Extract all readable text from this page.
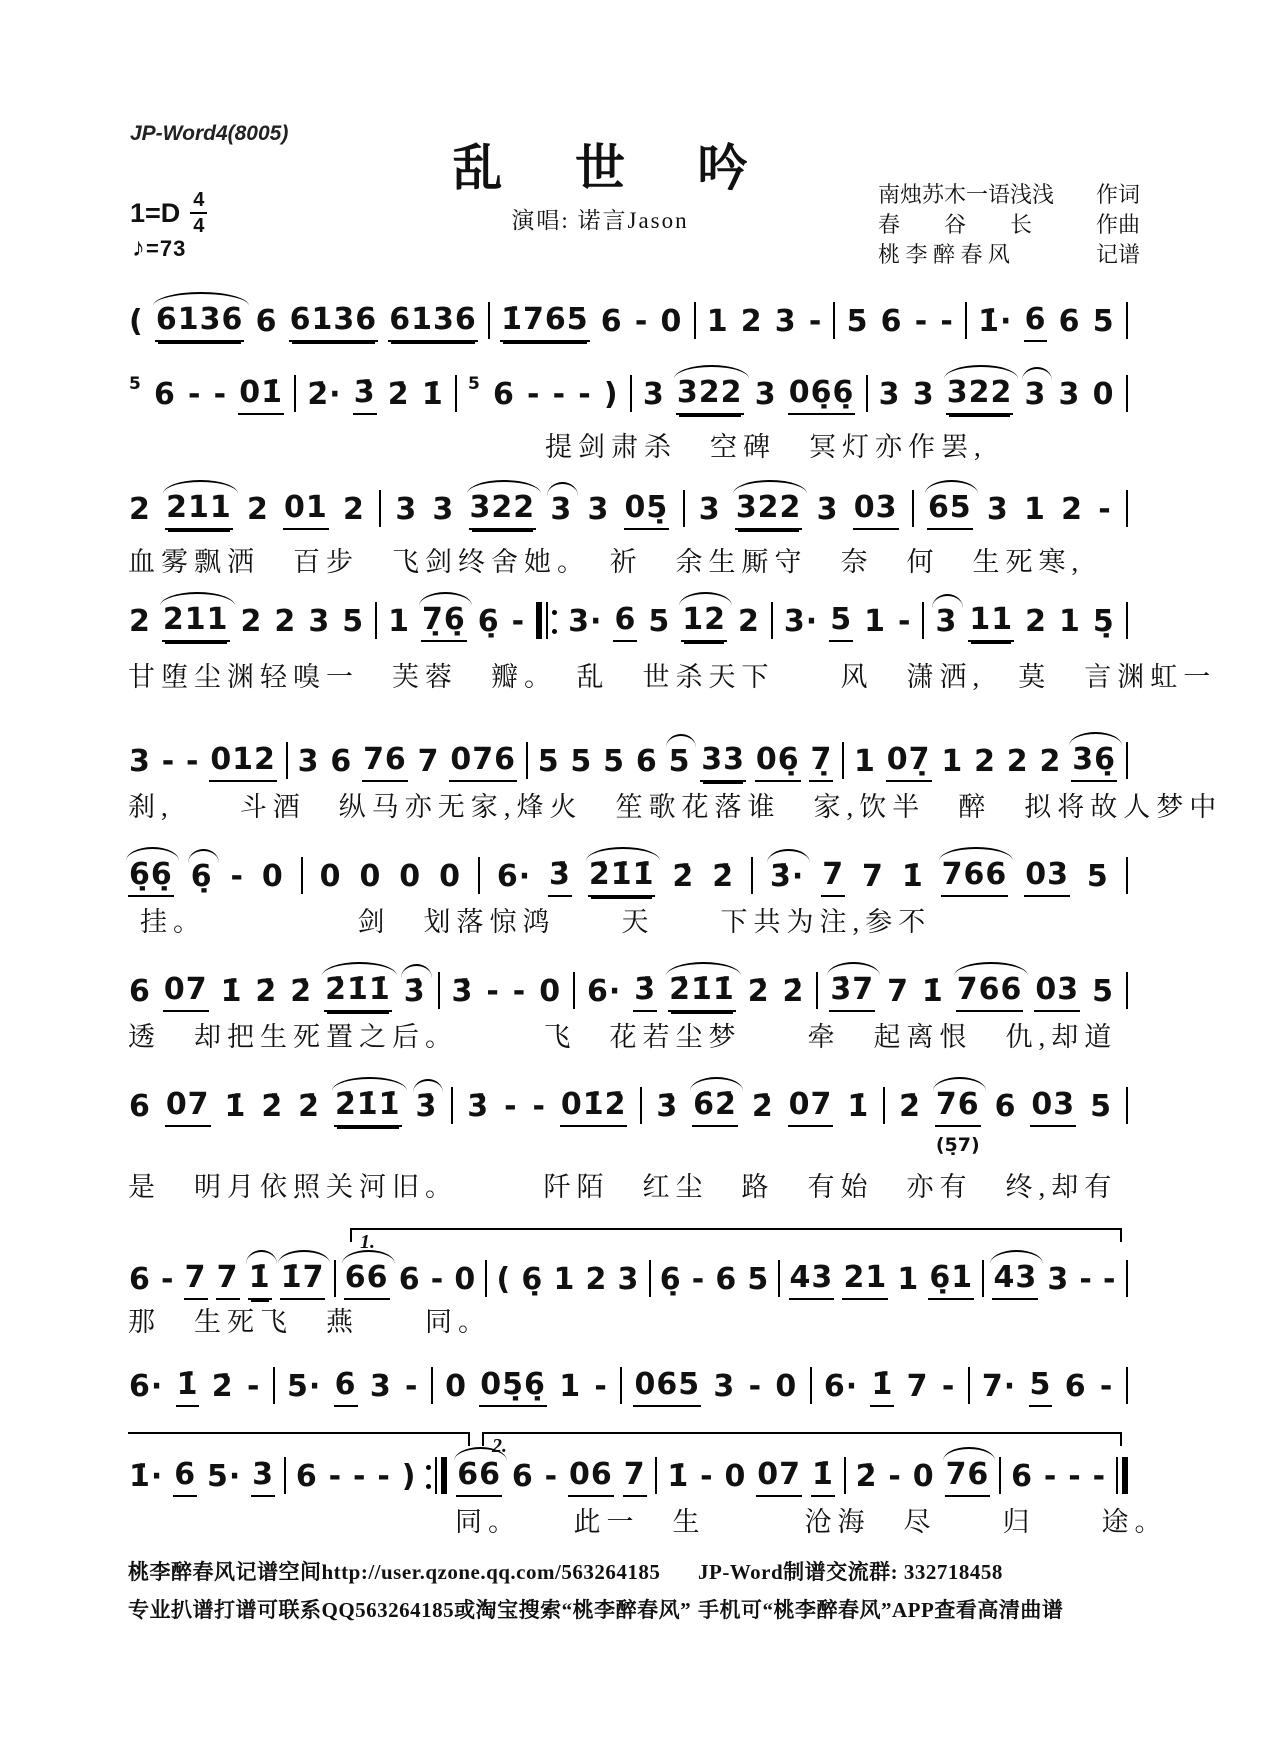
JP-Word4(8005)
乱 世 吟
演唱: 诺言Jason
南烛苏木一语浅浅 作词
春　　谷　　长	作曲
桃 李 醉 春 风	记谱
$1=D \frac{4}{4}$
♪=73
( 6136 6 6136 6136 1̇765 6 - 0 1 2 3 - 5 6 - - 1̇· 6 6 5
5 6 - - 01̇ 2̇· 3̇ 2̇ 1̇ 5 6 - - - ) 3 322 3 06̣6̣ 3 3 322 3 3 0
提剑肃杀　空碑　冥灯亦作罢,
2 211 2 01 2 3 3 322 3 3 05̣ 3 322 3 03 65 3 1 2 -
血雾飘洒　百步　飞剑终舍她。　祈　余生厮守　奈　何　生死寒,
2 211 2 2 3 5 1 7̣6̣ 6̣ - 3· 6 5 12 2 3· 5 1 - 3 11 2 1 5̣
甘堕尘渊轻嗅一　芙蓉　瓣。　乱　世杀天下　　风　潇洒,　莫　言渊虹一
3 - - 012 3 6 76 7 076 5 5 5 6 5 33 06̣ 7̣ 1 07̣ 1 2 2 2 36̣
刹,　　斗酒　纵马亦无家,烽火　笙歌花落谁　家,饮半　醉　拟将故人梦中
6̣6̣ 6̣ - 0 0 0 0 0 6· 3̇ 2̇1̇1̇ 2̇ 2̇ 3̇· 7 7 1̇ 766 03 5
挂。　　　　　剑　划落惊鸿　　天　　下共为注,参不
6 07 1̇ 2̇ 2̇ 2̇1̇1̇ 3̇ 3̇ - - 0 6· 3̇ 2̇1̇1̇ 2̇ 2̇ 3̇7 7 1̇ 766 03 5
透　却把生死置之后。　　　飞　花若尘梦　　牵　起离恨　仇,却道
6 07 1̇ 2̇ 2̇ 2̇1̇1̇ 3̇ 3̇ - - 01̇2̇ 3̇ 6̇2̇ 2̇ 07 1̇ 2̇ 76
(5̣7)
6 03 5
是　明月依照关河旧。　　　阡陌　红尘　路　有始　亦有　终,却有
6 - 7 7 1̇ 1̇7 66 6 - 0 ( 6̣ 1 2 3 6̣ - 6 5 43 21 1 6̣1 43 3 - -
那　生死飞　燕　　同。
6· 1̇ 2̇ - 5· 6 3 - 0 05̣6̣ 1 - 065 3 - 0 6· 1̇ 7 - 7· 5 6 -
1̇· 6 5· 3 6 - - - ) 66 6 - 06 7 1̇ - 0 07 1̇ 2̇ - 0 76 6 - - -
同。　　此一　生　　　沧海　尽　　归　　途。
1.
2.
桃李醉春风记谱空间http://user.qzone.qq.com/563264185
专业扒谱打谱可联系QQ563264185或淘宝搜索“桃李醉春风”
JP-Word制谱交流群: 332718458
手机可“桃李醉春风”APP查看高清曲谱
